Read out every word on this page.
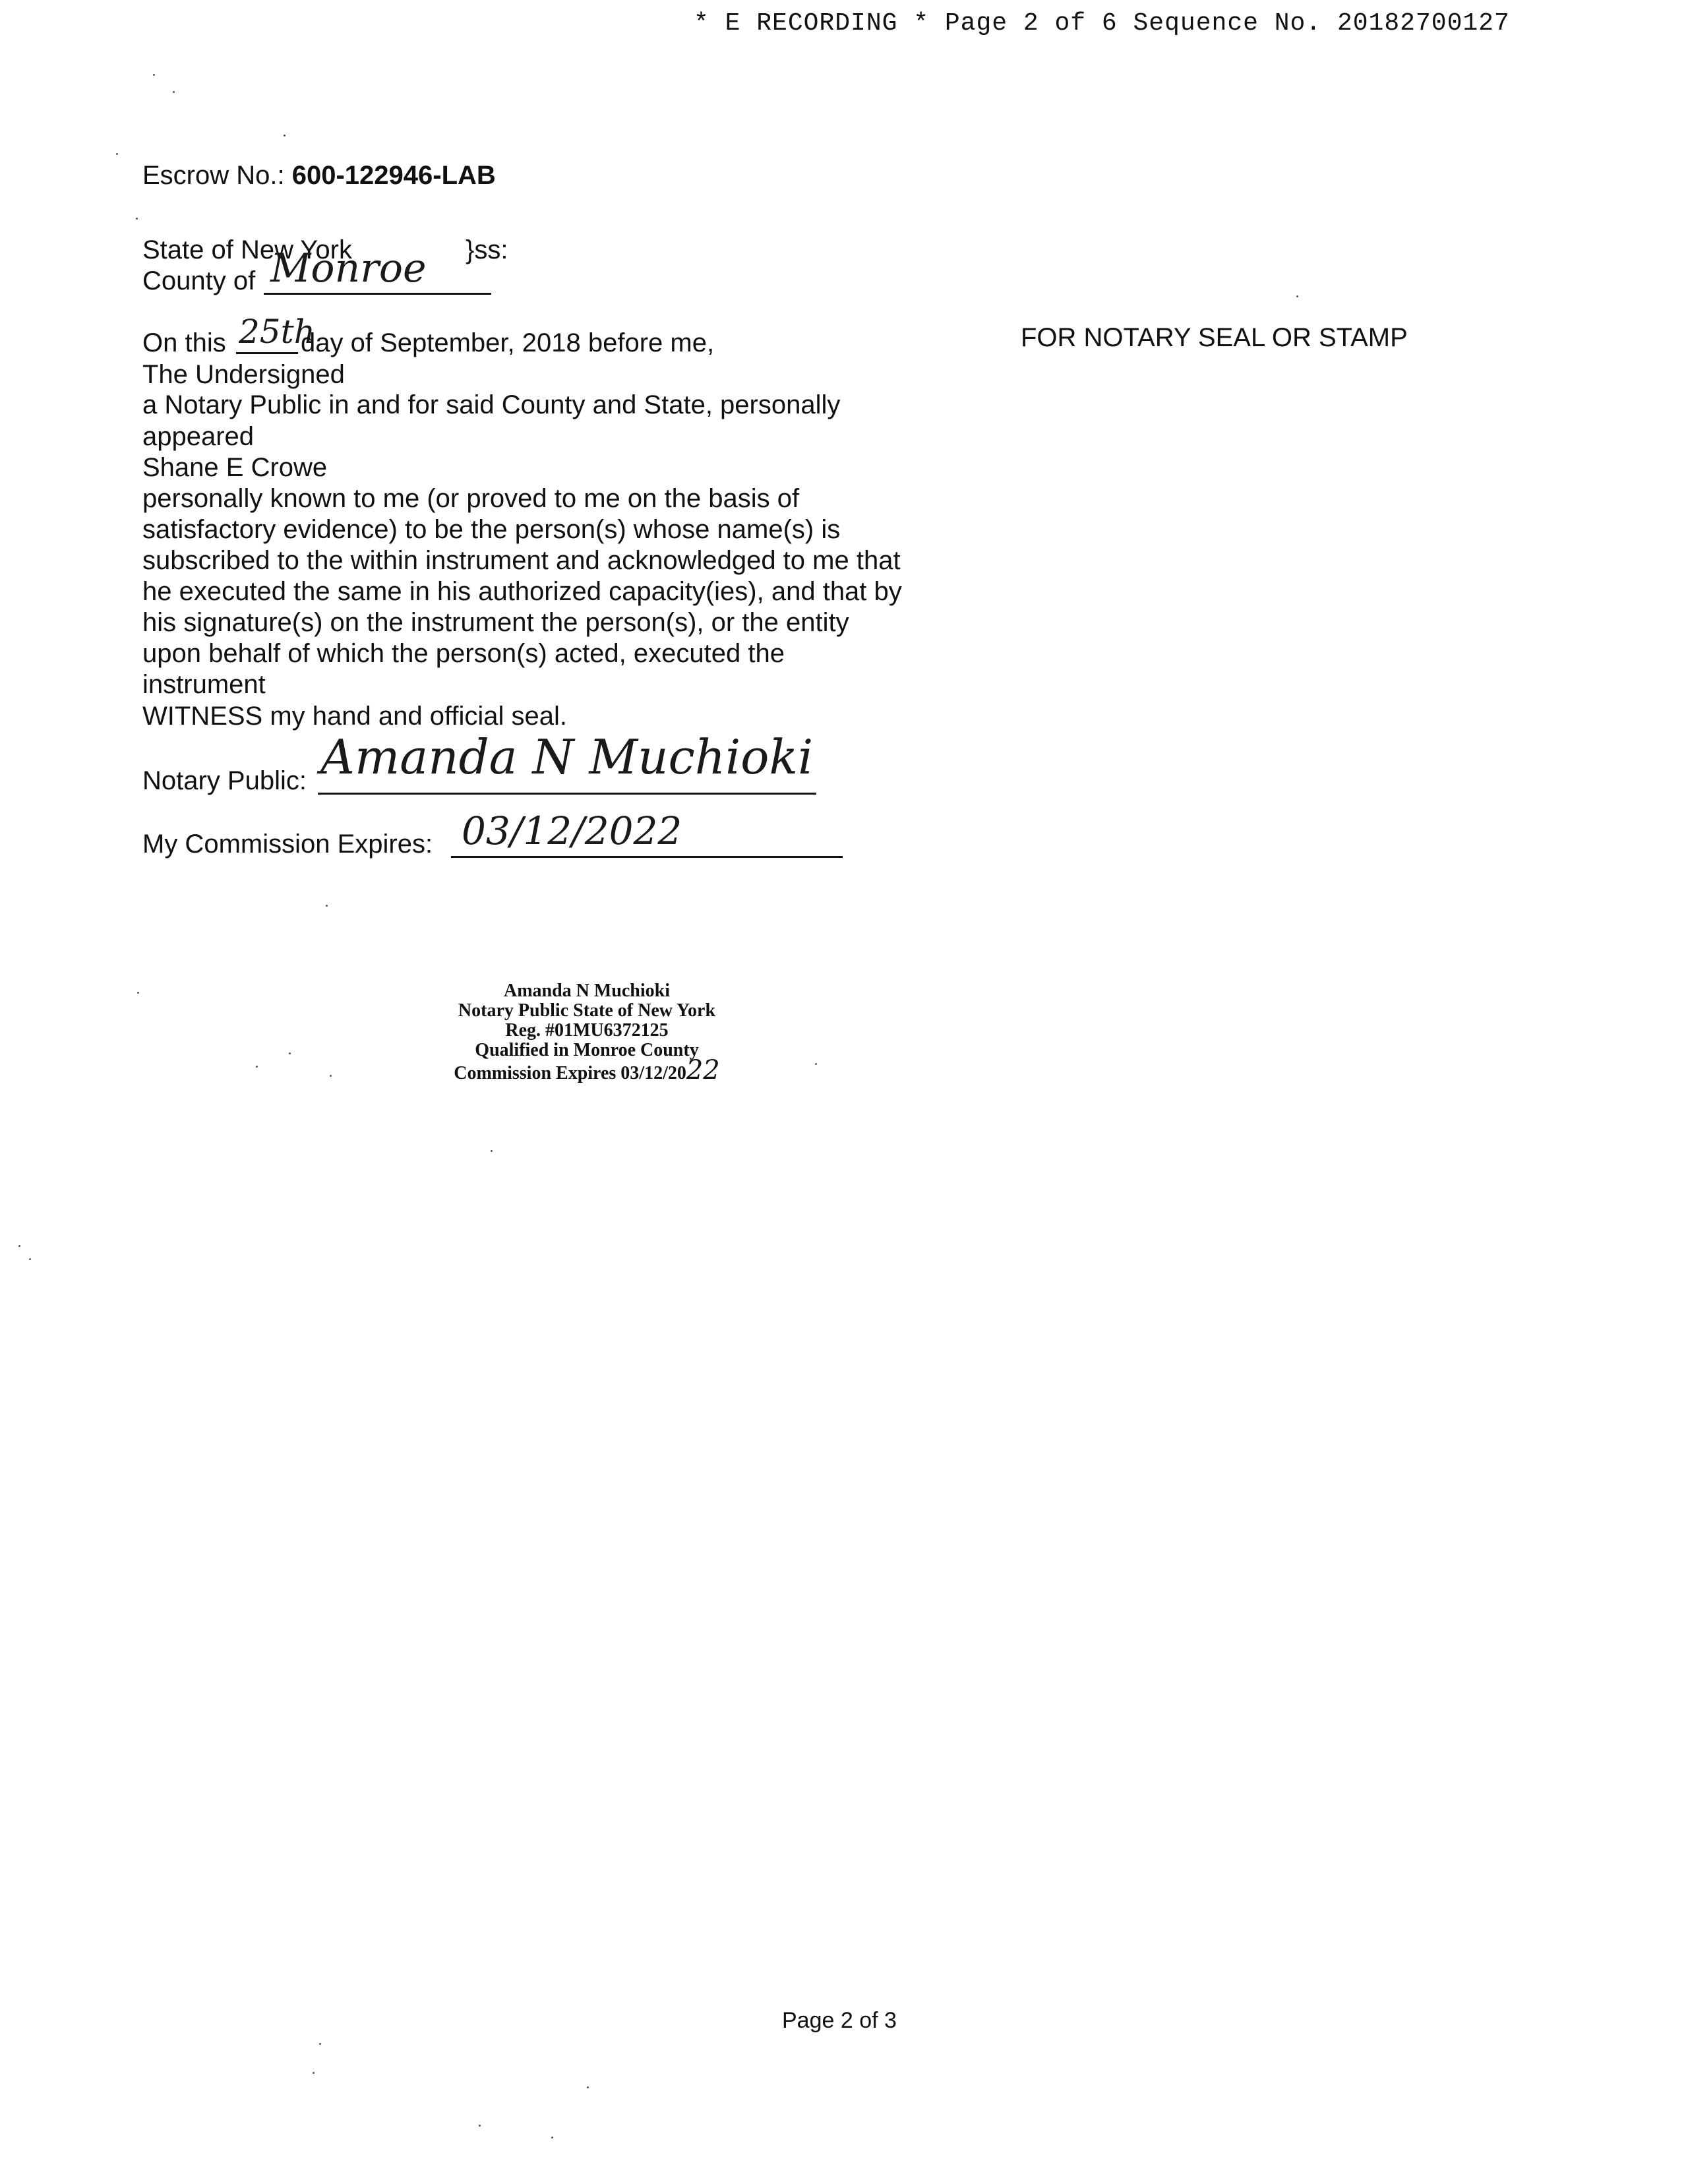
* E RECORDING * Page 2 of 6 Sequence No. 20182700127
Escrow No.: 600-122946-LAB
State of New York	}ss:
County of Monroe
On this 25th
day of September, 2018 before me,
The Undersigned
a Notary Public in and for said County and State, personally
appeared
Shane E Crowe
personally known to me (or proved to me on the basis of
satisfactory evidence) to be the person(s) whose name(s) is
subscribed to the within instrument and acknowledged to me that
he executed the same in his authorized capacity(ies), and that by
his signature(s) on the instrument the person(s), or the entity
upon behalf of which the person(s) acted, executed the
instrument
WITNESS my hand and official seal.
Notary Public: Amanda N Muchioki
My Commission Expires: 03/12/2022
FOR NOTARY SEAL OR STAMP
Amanda N Muchioki
Notary Public State of New York
Reg. #01MU6372125
Qualified in Monroe County
Commission Expires 03/12/2022
Page 2 of 3
